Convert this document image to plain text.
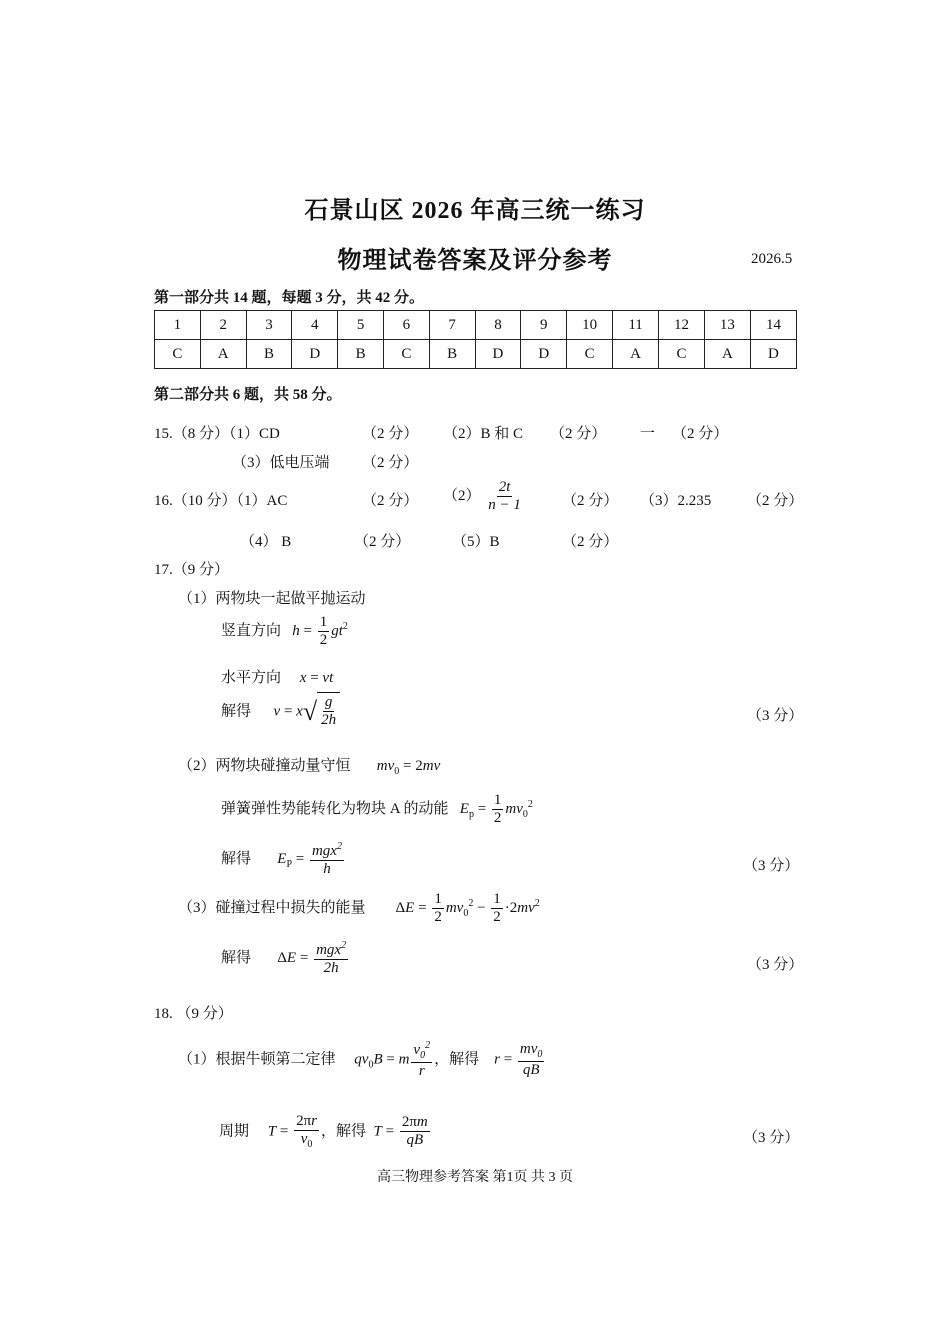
石景山区 2026 年高三统一练习
物理试卷答案及评分参考	2026.5
第一部分共 14 题，每题 3 分，共 42 分。
1	2	3	4	5	6	7	8	9	10	11	12	13	14
C	A	B	D	B	C	B	D	D	C	A	C	A	D
第二部分共 6 题，共 58 分。
15.（8 分）（1）CD	（2 分） （2）B 和 C （2 分） 一 （2 分）
（3）低电压端 （2 分）
16.（10 分）（1）AC	（2 分） $(2) \frac{2t}{n - 1}$	（2 分） （3）2.235 （2 分）
（4） B	（2 分）	（5）B	（2 分）
17.（9 分）
（1）两物块一起做平抛运动
竖直方向 $h = \frac{1}{2} gt^2$
水平方向 x = vt
解得 v = x √ $\frac{g}{2h}$	（3 分）
（2）两物块碰撞动量守恒 $mv_0 = 2mv$
弹簧弹性势能转化为物块 A 的动能 $E_p = \frac{1}{2} mv_0^2$
解得 $E_P = \frac{mgx^2}{h}$	（3 分）
（3）碰撞过程中损失的能量        $\Delta E = \frac{1}{2} mv_0^2 - \frac{1}{2} \cdot 2mv^2$
解得       $\Delta E = \frac{mgx^2}{2h}$	（3 分）
18. （9 分）
（1）根据牛顿第二定律 $qv_0B = m \frac{v_0^2}{r}$ ，解得 $r = \frac{mv_0}{qB}$
周期 $T = \frac{2\pi r}{v_0}$ ，解得 $T = \frac{2\pi m}{qB}$	（3 分）
高三物理参考答案 第1页 共 3 页
